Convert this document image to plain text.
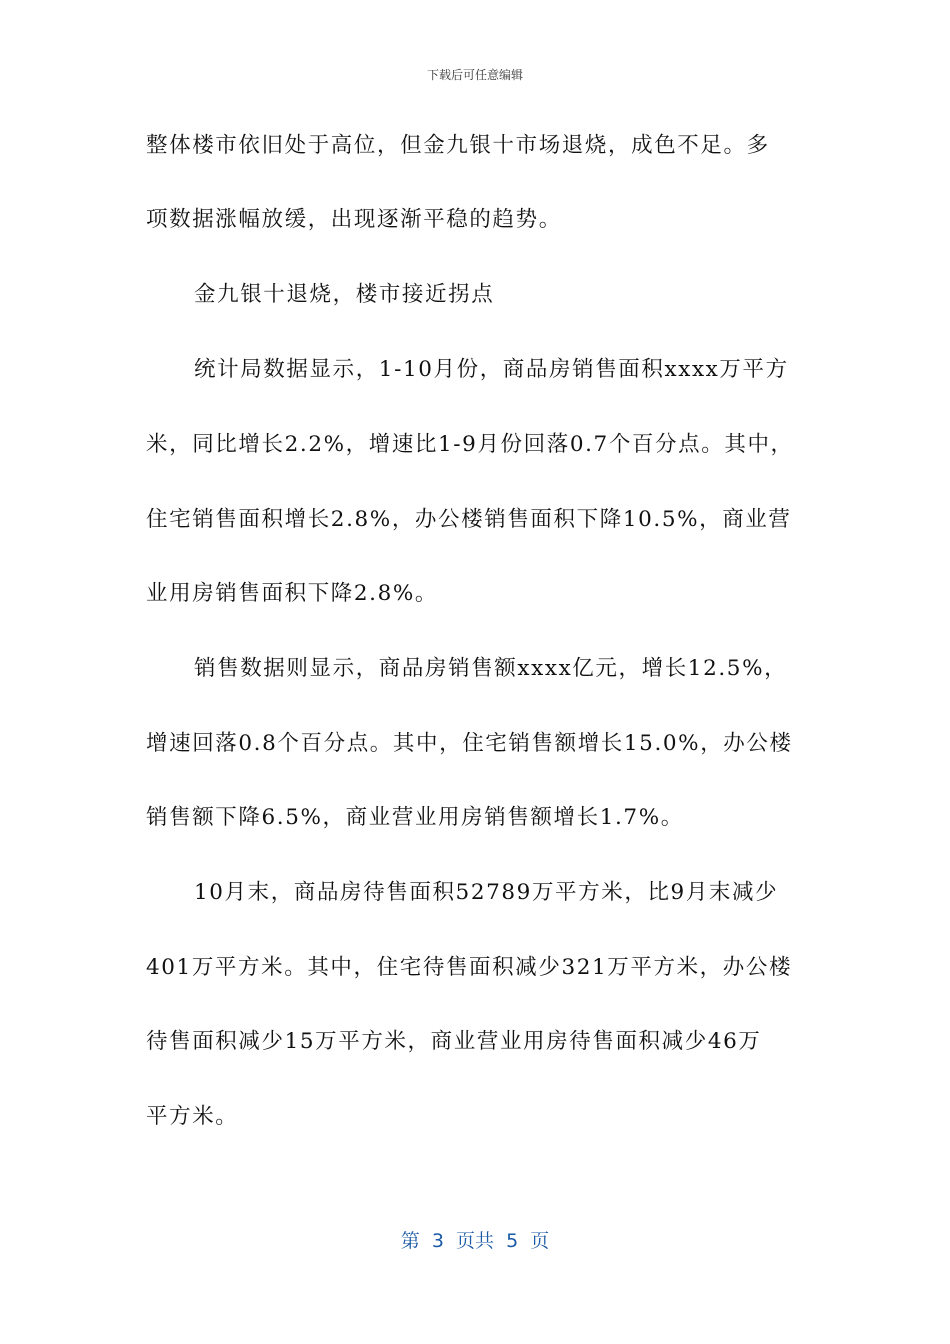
下载后可任意编辑
整体楼市依旧处于高位，但金九银十市场退烧，成色不足。多
项数据涨幅放缓，出现逐渐平稳的趋势。
金九银十退烧，楼市接近拐点
统计局数据显示，1-10月份，商品房销售面积xxxx万平方
米，同比增长2.2%，增速比1-9月份回落0.7个百分点。其中，
住宅销售面积增长2.8%，办公楼销售面积下降10.5%，商业营
业用房销售面积下降2.8%。
销售数据则显示，商品房销售额xxxx亿元，增长12.5%，
增速回落0.8个百分点。其中，住宅销售额增长15.0%，办公楼
销售额下降6.5%，商业营业用房销售额增长1.7%。
10月末，商品房待售面积52789万平方米，比9月末减少
401万平方米。其中，住宅待售面积减少321万平方米，办公楼
待售面积减少15万平方米，商业营业用房待售面积减少46万
平方米。
第  3  页共  5  页
